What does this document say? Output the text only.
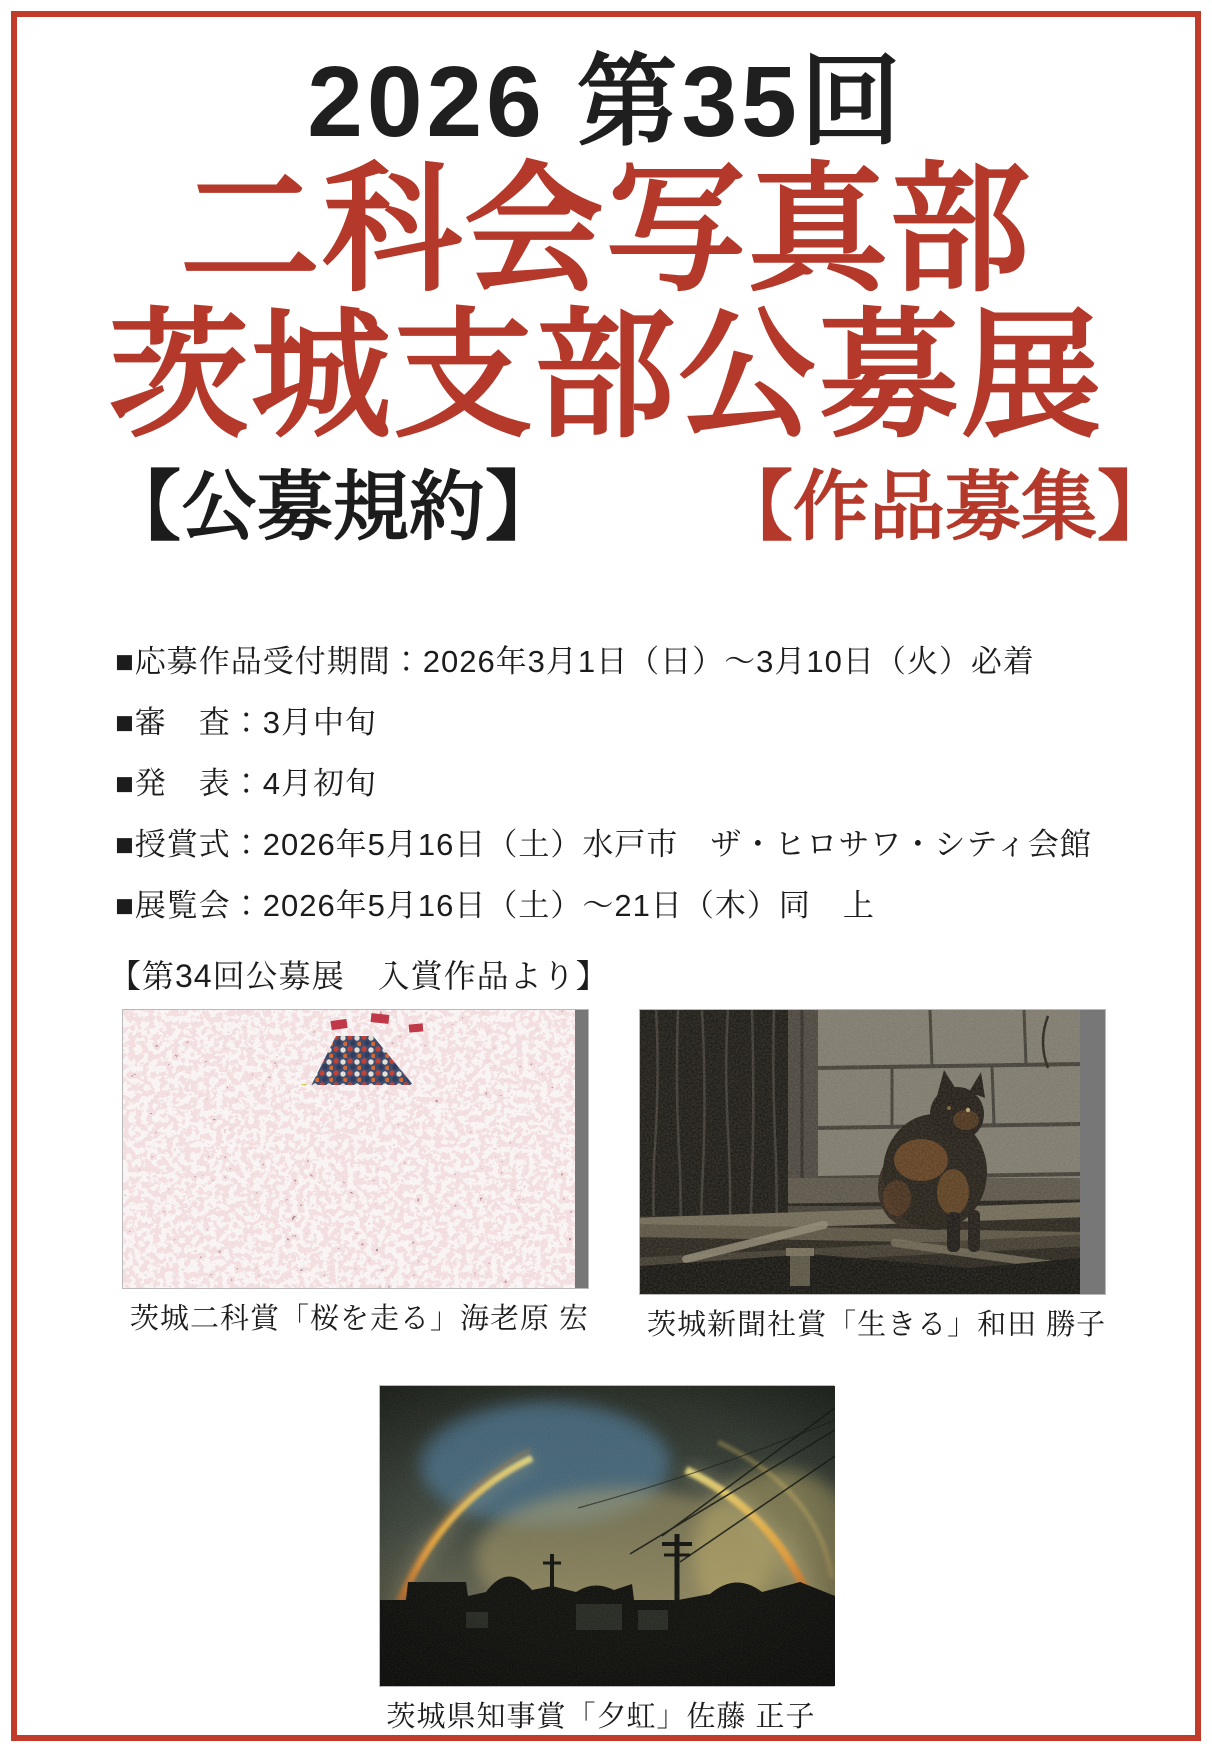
2026 第35回
二科会写真部
茨城支部公募展
【公募規約】 【作品募集】
■応募作品受付期間：2026年3月1日（日）～3月10日（火）必着
■審　査：3月中旬
■発　表：4月初旬
■授賞式：2026年5月16日（土）水戸市　ザ・ヒロサワ・シティ会館
■展覧会：2026年5月16日（土）～21日（木）同　上
【第34回公募展　入賞作品より】
茨城二科賞「桜を走る」海老原 宏 茨城新聞社賞「生きる」和田 勝子
茨城県知事賞「夕虹」佐藤 正子
